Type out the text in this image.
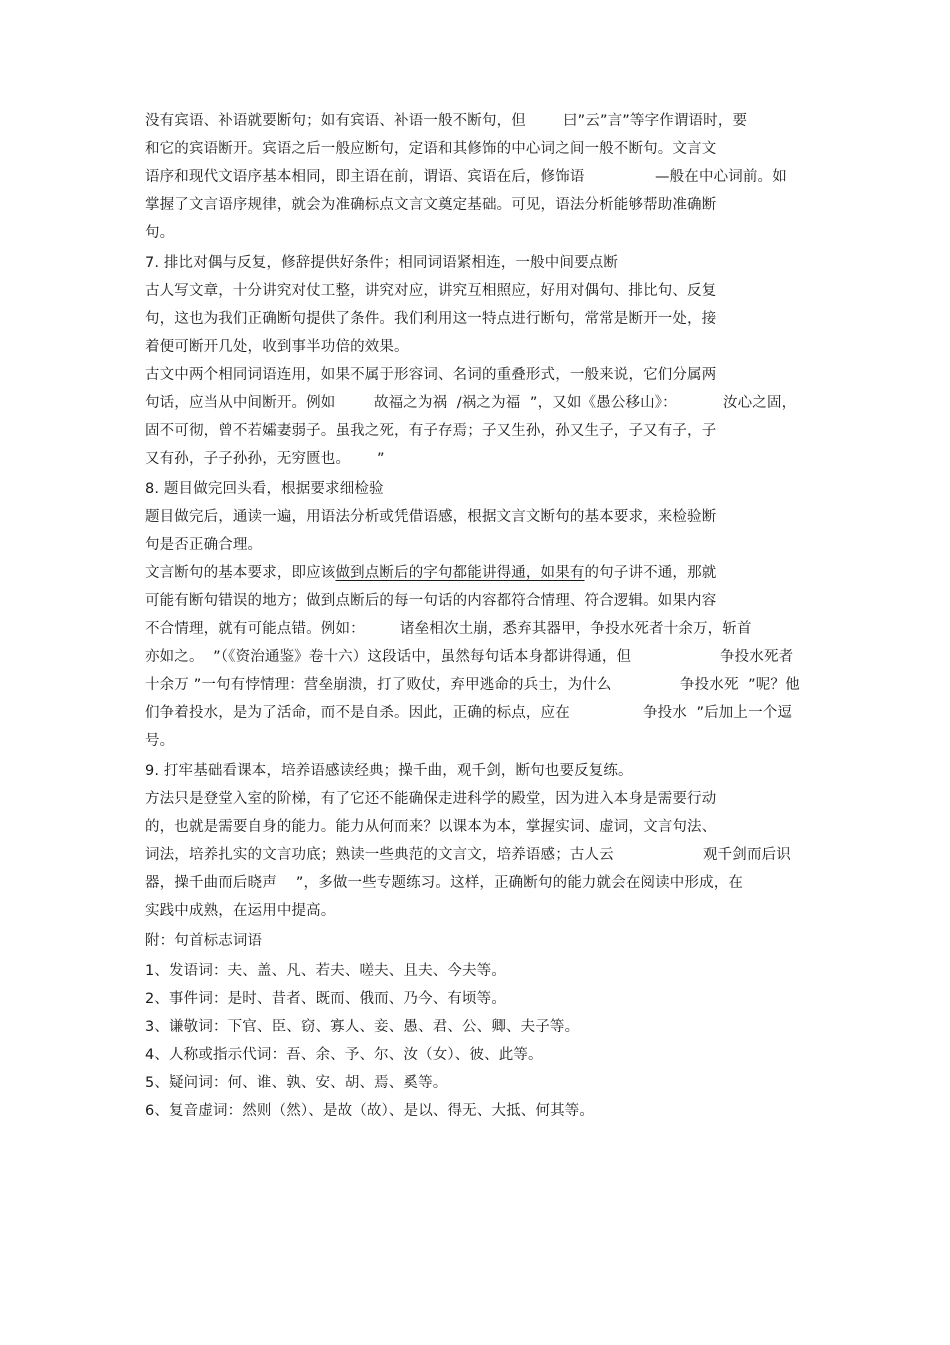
没有宾语、补语就要断句；如有宾语、补语一般不断句，但	曰”云”言”等字作谓语时，要
和它的宾语断开。宾语之后一般应断句，定语和其修饰的中心词之间一般不断句。文言文
语序和现代文语序基本相同，即主语在前，谓语、宾语在后，修饰语	—般在中心词前。如
掌握了文言语序规律，就会为准确标点文言文奠定基础。可见，语法分析能够帮助准确断
句。
7. 排比对偶与反复，修辞提供好条件；相同词语紧相连，一般中间要点断
古人写文章，十分讲究对仗工整，讲究对应，讲究互相照应，好用对偶句、排比句、反复
句，这也为我们正确断句提供了条件。我们利用这一特点进行断句，常常是断开一处，接
着便可断开几处，收到事半功倍的效果。
古文中两个相同词语连用，如果不属于形容词、名词的重叠形式，一般来说，它们分属两
句话，应当从中间断开。例如	故福之为祸  /祸之为福  ”，又如《愚公移山》：	汝心之固，
固不可彻，曾不若孀妻弱子。虽我之死，有子存焉；子又生孙，孙又生子，子又有子，子
又有孙，子子孙孙，无穷匮也。 ”
8. 题目做完回头看，根据要求细检验
题目做完后，通读一遍，用语法分析或凭借语感，根据文言文断句的基本要求，来检验断
句是否正确合理。
文言断句的基本要求，即应该做到点断后的字句都能讲得通，如果有的句子讲不通，那就
可能有断句错误的地方；做到点断后的每一句话的内容都符合情理、符合逻辑。如果内容
不合情理，就有可能点错。例如： 诸垒相次土崩，悉弃其器甲，争投水死者十余万，斩首
亦如之。  ”（《资治通鉴》卷十六）这段话中，虽然每句话本身都讲得通，但	争投水死者
十余万 ”一句有悖情理：营垒崩溃，打了败仗，弃甲逃命的兵士，为什么	争投水死  ”呢？他
们争着投水，是为了活命，而不是自杀。因此，正确的标点，应在	争投水  ”后加上一个逗
号。
9. 打牢基础看课本，培养语感读经典；操千曲，观千剑，断句也要反复练。
方法只是登堂入室的阶梯，有了它还不能确保走进科学的殿堂，因为进入本身是需要行动
的，也就是需要自身的能力。能力从何而来？以课本为本，掌握实词、虚词，文言句法、
词法，培养扎实的文言功底；熟读一些典范的文言文，培养语感；古人云	观千剑而后识
器，操千曲而后晓声    ”，多做一些专题练习。这样，正确断句的能力就会在阅读中形成，在
实践中成熟，在运用中提高。
附：句首标志词语
1、发语词：夫、盖、凡、若夫、嗟夫、且夫、今夫等。
2、事件词：是时、昔者、既而、俄而、乃今、有顷等。
3、谦敬词：下官、臣、窃、寡人、妾、愚、君、公、卿、夫子等。
4、人称或指示代词：吾、余、予、尔、汝（女）、彼、此等。
5、疑问词：何、谁、孰、安、胡、焉、奚等。
6、复音虚词：然则（然）、是故（故）、是以、得无、大抵、何其等。
